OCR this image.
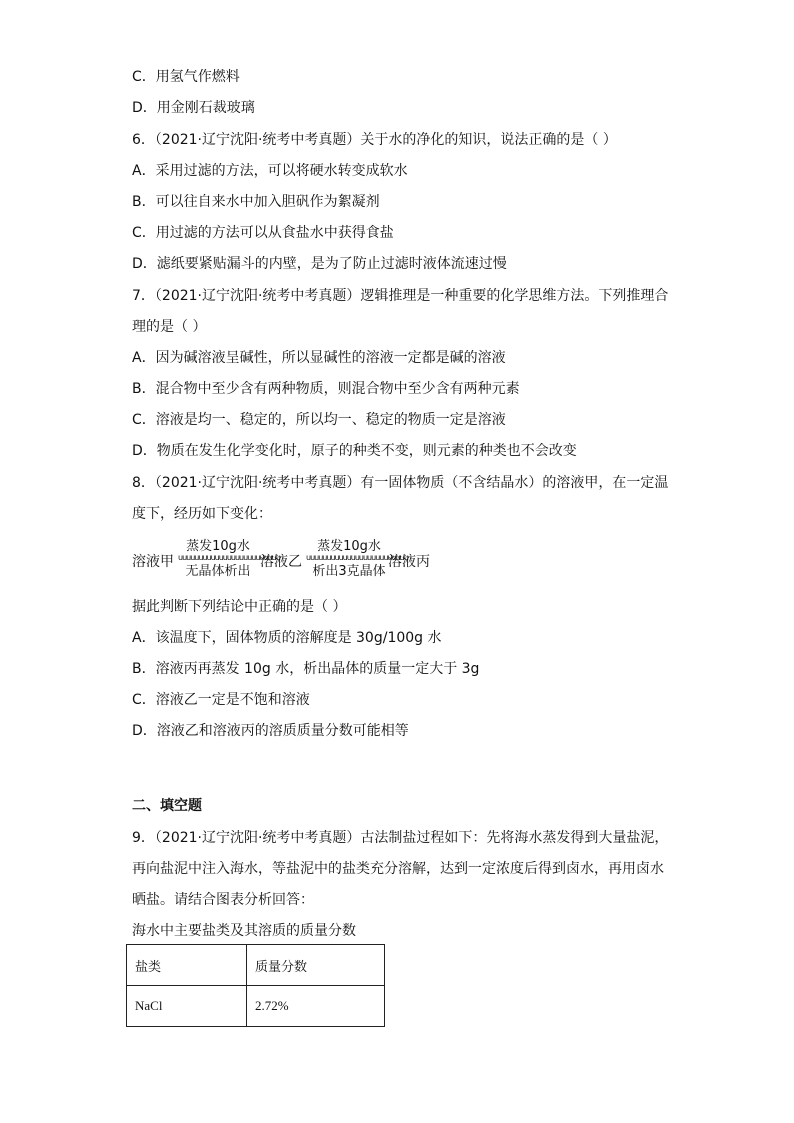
C．用氢气作燃料
D．用金刚石裁玻璃
6．（2021·辽宁沈阳·统考中考真题）关于水的净化的知识，说法正确的是（ ）
A．采用过滤的方法，可以将硬水转变成软水
B．可以往自来水中加入胆矾作为絮凝剂
C．用过滤的方法可以从食盐水中获得食盐
D．滤纸要紧贴漏斗的内壁，是为了防止过滤时液体流速过慢
7．（2021·辽宁沈阳·统考中考真题）逻辑推理是一种重要的化学思维方法。下列推理合
理的是（ ）
A．因为碱溶液呈碱性，所以显碱性的溶液一定都是碱的溶液
B．混合物中至少含有两种物质，则混合物中至少含有两种元素
C．溶液是均一、稳定的，所以均一、稳定的物质一定是溶液
D．物质在发生化学变化时，原子的种类不变，则元素的种类也不会改变
8．（2021·辽宁沈阳·统考中考真题）有一固体物质（不含结晶水）的溶液甲，在一定温
度下，经历如下变化：
溶液甲
蒸发10g水
uuuuuuuuuuuuuuuuuuuuuuuuu
无晶体析出
溶液乙
蒸发10g水
uuuuuuuuuuuuuuuuuuuuuuuuu
析出3克晶体
溶液丙
据此判断下列结论中正确的是（ ）
A．该温度下，固体物质的溶解度是 30g/100g 水
B．溶液丙再蒸发 10g 水，析出晶体的质量一定大于 3g
C．溶液乙一定是不饱和溶液
D．溶液乙和溶液丙的溶质质量分数可能相等
二、填空题
9．（2021·辽宁沈阳·统考中考真题）古法制盐过程如下：先将海水蒸发得到大量盐泥，
再向盐泥中注入海水，等盐泥中的盐类充分溶解，达到一定浓度后得到卤水，再用卤水
晒盐。请结合图表分析回答：
海水中主要盐类及其溶质的质量分数
盐类	质量分数
NaCl	2.72%
